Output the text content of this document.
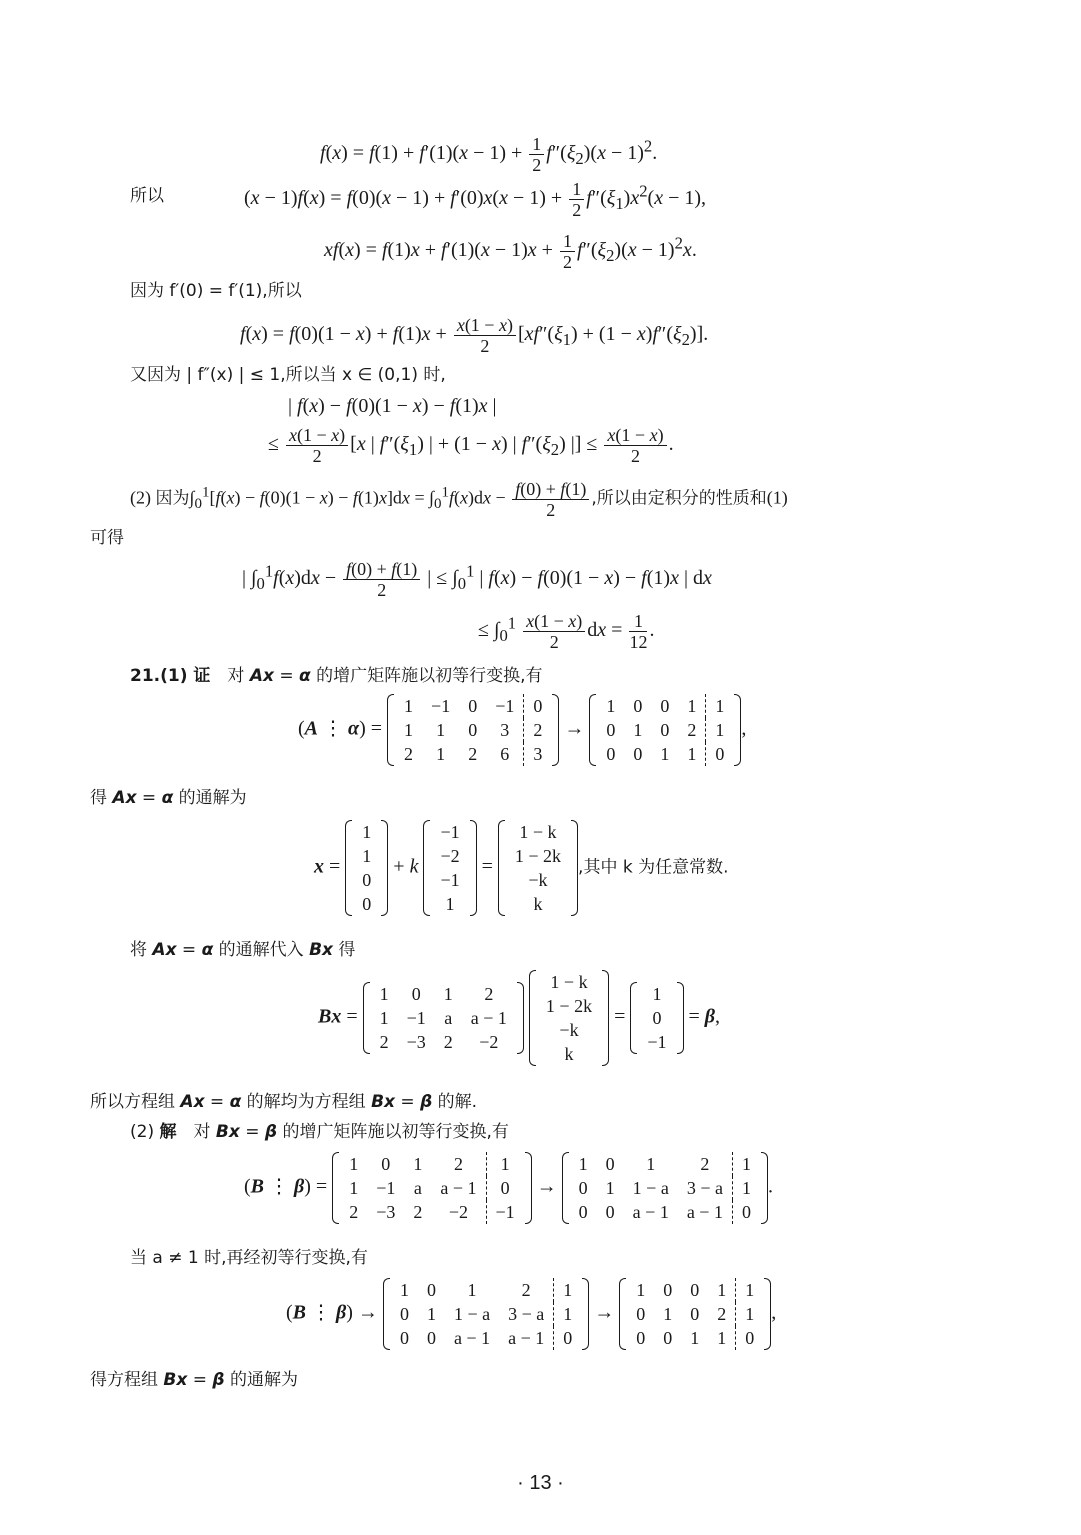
$f(x) = f(1) + f'(1)(x - 1) + \frac{1}{2} f''(\xi_2)(x - 1)^2$.
所以	$(x - 1)f(x) = f(0)(x - 1) + f'(0)x(x - 1) + \frac{1}{2} f''(\xi_1)x^2(x - 1)$,
$xf(x) = f(1)x + f'(1)(x - 1)x + \frac{1}{2} f''(\xi_2)(x - 1)^2x$.
因为 f′(0) = f′(1),所以
$f(x) = f(0)(1 - x) + f(1)x + \frac{x(1 - x)}{2} [xf''(\xi_1) + (1 - x)f''(\xi_2)]$.
又因为 | f″(x) | ≤ 1,所以当 x ∈ (0,1) 时,
| f(x) − f(0)(1 − x) − f(1)x |
≤ $\frac{x(1 - x)}{2} [x$ | $f''(\xi_1)$ | + (1 − x) | $f''(\xi_2)$ |] ≤ $\frac{x(1 - x)}{2}$ .
(2) 因为$\int_0^1[f(x) - f(0)(1 - x) - f(1)x]dx = \int_0^1f(x)dx - \frac{f(0) + f(1)}{2}$ ,所以由定积分的性质和(1)
可得
| $\int_0^1f(x)dx - \frac{f(0) + f(1)}{2}$ | ≤ $\int_0^1$ | f(x) − f(0)(1 − x) − f(1)x | dx
≤ $\int_0^1 \frac{x(1 - x)}{2}$ dx = $\frac{1}{12}$ .
21.(1) 证　对 Ax = α 的增广矩阵施以初等行变换,有
(A ⋮ α) =
1	−1	0	−1	0
1	1	0	3	2
2	1	2	6	3
→
1	0	0	1	1
0	1	0	2	1
0	0	1	1	0
,
得 Ax = α 的通解为
x =
1
1
0
0
+ k
−1
−2
−1
1
=
1 − k
1 − 2k
−k
k
,其中 k 为任意常数.
将 Ax = α 的通解代入 Bx 得
Bx =
1	0	1	2
1	−1	a	a − 1
2	−3	2	−2

1 − k
1 − 2k
−k
k
=
1
0
−1
= β,
所以方程组 Ax = α 的解均为方程组 Bx = β 的解.
(2) 解　对 Bx = β 的增广矩阵施以初等行变换,有
(B ⋮ β) =
1	0	1	2	1
1	−1	a	a − 1	0
2	−3	2	−2	−1
→
1	0	1	2	1
0	1	1 − a	3 − a	1
0	0	a − 1	a − 1	0
.
当 a ≠ 1 时,再经初等行变换,有
(B ⋮ β) →
1	0	1	2	1
0	1	1 − a	3 − a	1
0	0	a − 1	a − 1	0
→
1	0	0	1	1
0	1	0	2	1
0	0	1	1	0
,
得方程组 Bx = β 的通解为
· 13 ·
